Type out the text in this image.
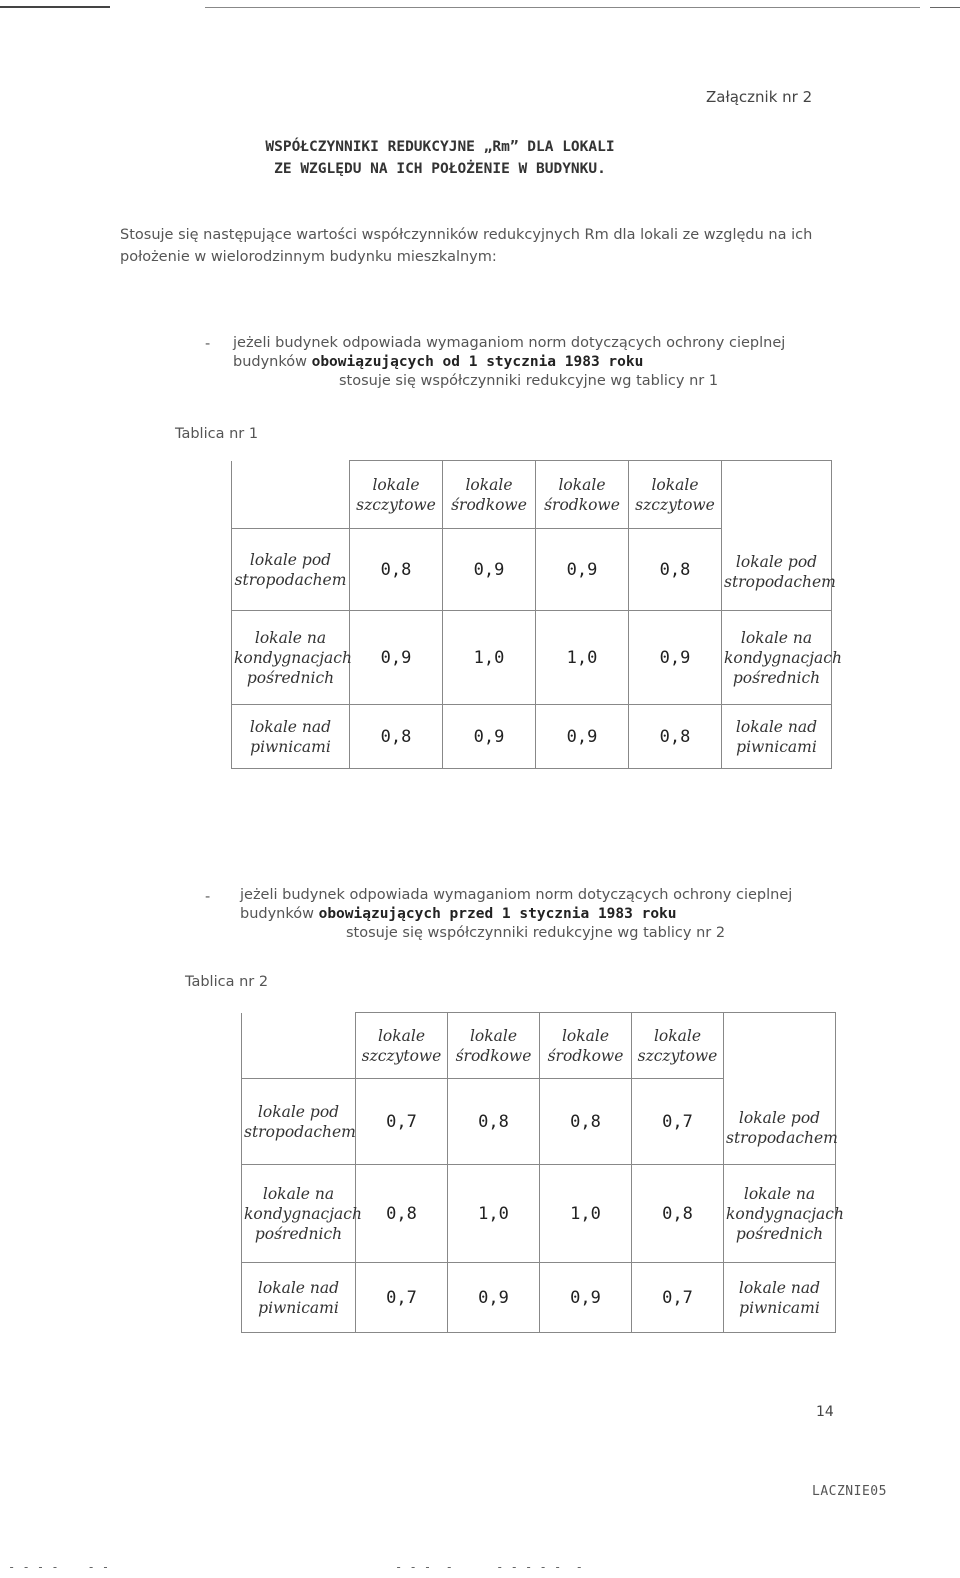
Załącznik nr 2
WSPÓŁCZYNNIKI REDUKCYJNE „Rm” DLA LOKALI
ZE WZGLĘDU NA ICH POŁOŻENIE W BUDYNKU.
Stosuje się następujące wartości współczynników redukcyjnych Rm dla lokali ze względu na ich położenie w wielorodzinnym budynku mieszkalnym:
- jeżeli budynek odpowiada wymaganiom norm dotyczących ochrony cieplnej
budynków obowiązujących od 1 stycznia 1983 roku
stosuje się współczynniki redukcyjne wg tablicy nr 1
Tablica nr 1
	lokale szczytowe	lokale środkowe	lokale środkowe	lokale szczytowe	lokale pod stropodachem
lokale pod stropodachem	0,8	0,9	0,9	0,8	
lokale na kondygnacjach pośrednich	0,9	1,0	1,0	0,9	lokale na kondygnacjach pośrednich
lokale nad piwnicami	0,8	0,9	0,9	0,8	lokale nad piwnicami
- jeżeli budynek odpowiada wymaganiom norm dotyczących ochrony cieplnej
budynków obowiązujących przed 1 stycznia 1983 roku
stosuje się współczynniki redukcyjne wg tablicy nr 2
Tablica nr 2
	lokale szczytowe	lokale środkowe	lokale środkowe	lokale szczytowe	lokale pod stropodachem
lokale pod stropodachem	0,7	0,8	0,8	0,7	
lokale na kondygnacjach pośrednich	0,8	1,0	1,0	0,8	lokale na kondygnacjach pośrednich
lokale nad piwnicami	0,7	0,9	0,9	0,7	lokale nad piwnicami
14
LACZNIE05
- - - -    - -	- - -  -      - - - - -  -
